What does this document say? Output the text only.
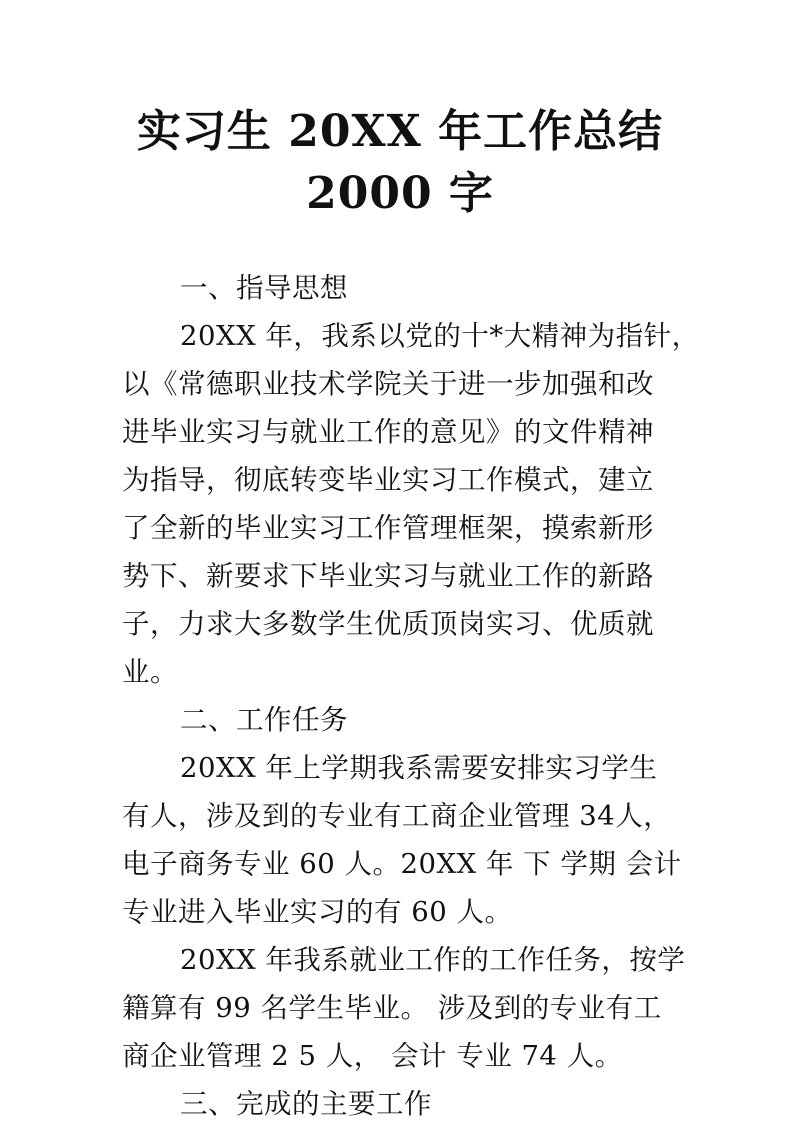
实习生 20XX 年工作总结
2000 字
一、指导思想
20XX 年，我系以党的十*大精神为指针，
以《常德职业技术学院关于进一步加强和改
进毕业实习与就业工作的意见》的文件精神
为指导，彻底转变毕业实习工作模式，建立
了全新的毕业实习工作管理框架，摸索新形
势下、新要求下毕业实习与就业工作的新路
子，力求大多数学生优质顶岗实习、优质就
业。
二、工作任务
20XX 年上学期我系需要安排实习学生
有人，涉及到的专业有工商企业管理 34人，
电子商务专业 60 人。20XX 年 下 学期 会计
专业进入毕业实习的有 60 人。
20XX 年我系就业工作的工作任务，按学
籍算有 99 名学生毕业。 涉及到的专业有工
商企业管理 2 5 人， 会计 专业 74 人。
三、完成的主要工作
